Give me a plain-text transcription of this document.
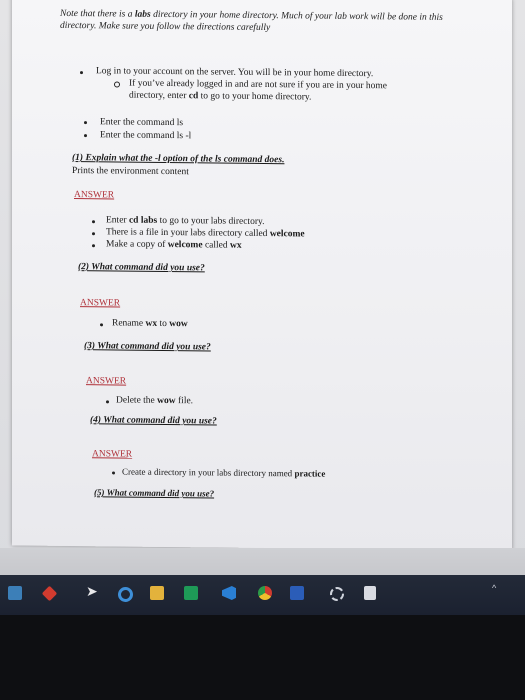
Note that there is a labs directory in your home directory. Much of your lab work will be done in this directory. Make sure you follow the directions carefully
Log in to your account on the server. You will be in your home directory.
If you’ve already logged in and are not sure if you are in your home
directory, enter cd to go to your home directory.
Enter the command ls
Enter the command ls -l
(1) Explain what the -l option of the ls command does.
Prints the environment content
ANSWER
Enter cd labs to go to your labs directory.
There is a file in your labs directory called welcome
Make a copy of welcome called wx
(2) What command did you use?
ANSWER
Rename wx to wow
(3) What command did you use?
ANSWER
Delete the wow file.
(4) What command did you use?
ANSWER
Create a directory in your labs directory named practice
(5) What command did you use?
➤	^
